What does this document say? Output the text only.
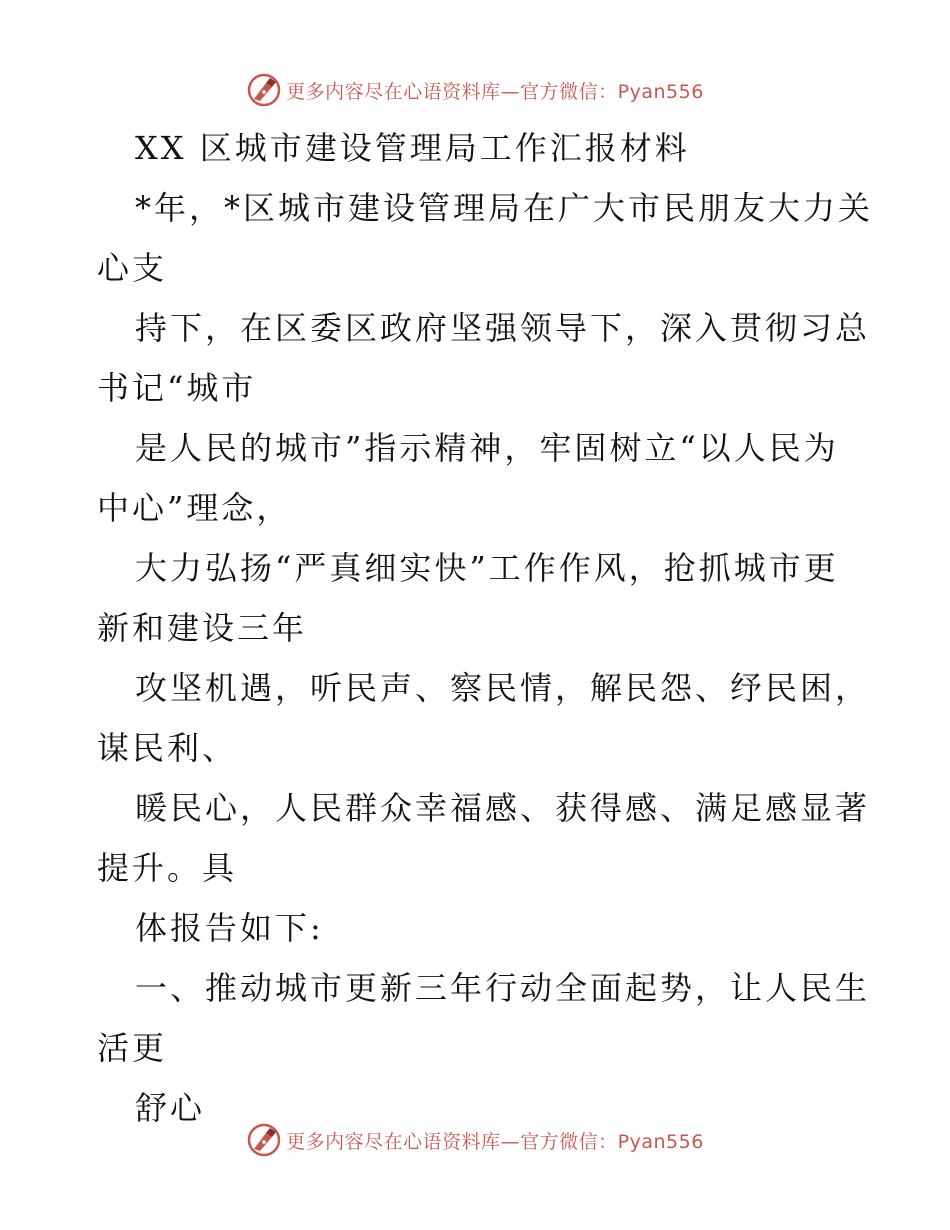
更多内容尽在心语资料库—官方微信：Pyan556
XX 区城市建设管理局工作汇报材料
*年，*区城市建设管理局在广大市民朋友大力关
心支
持下，在区委区政府坚强领导下，深入贯彻习总
书记“城市
是人民的城市”指示精神，牢固树立“以人民为
中心”理念，
大力弘扬“严真细实快”工作作风，抢抓城市更
新和建设三年
攻坚机遇，听民声、察民情，解民怨、纾民困，
谋民利、
暖民心，人民群众幸福感、获得感、满足感显著
提升。具
体报告如下:
一、推动城市更新三年行动全面起势，让人民生
活更
舒心
更多内容尽在心语资料库—官方微信：Pyan556
